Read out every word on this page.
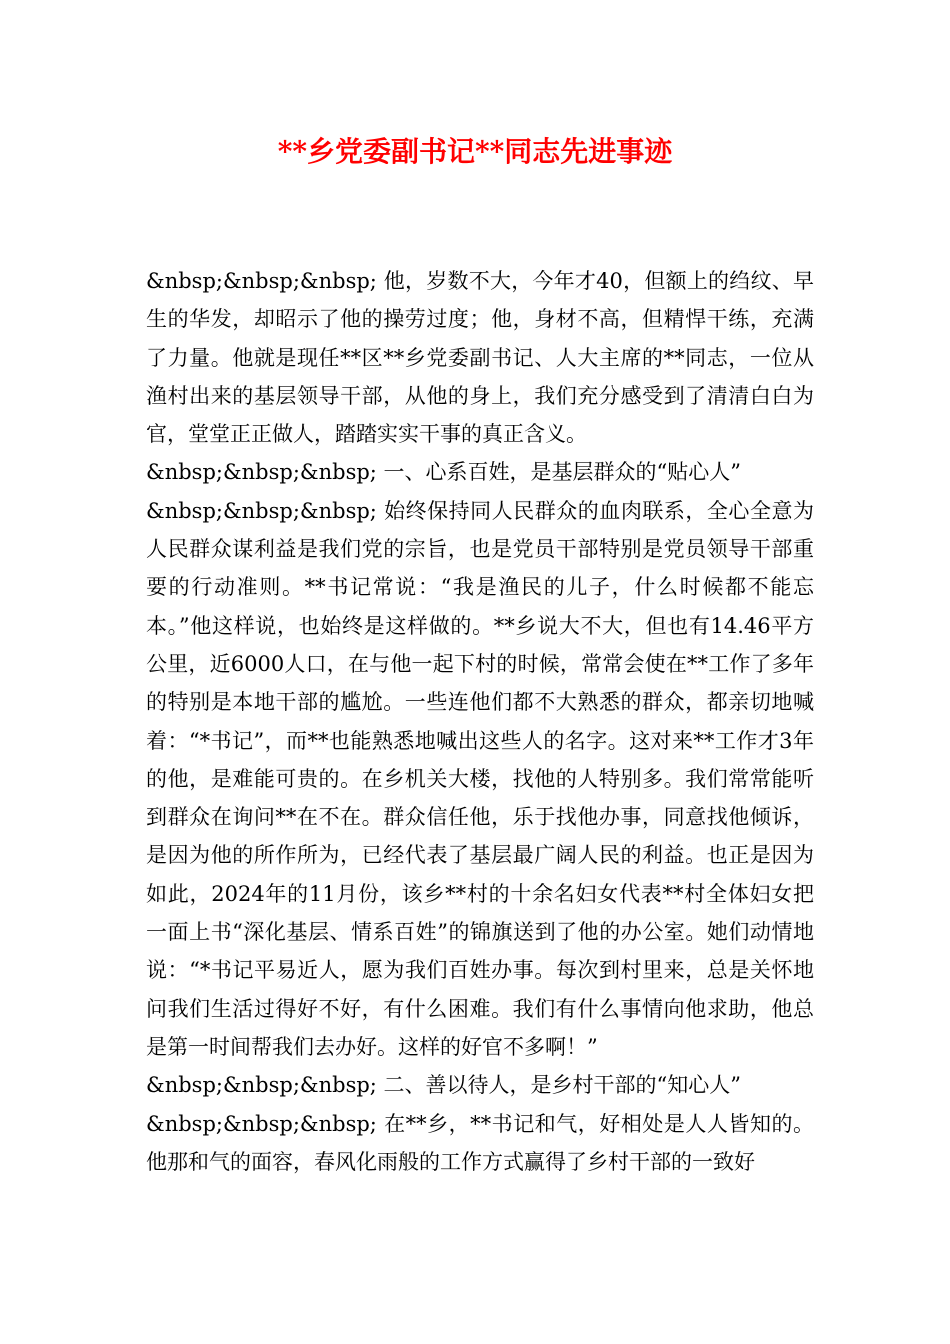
**乡党委副书记**同志先进事迹

&nbsp;&nbsp;&nbsp; 他，岁数不大，今年才40，但额上的绉纹、早生的华发，却昭示了他的操劳过度；他，身材不高，但精悍干练，充满了力量。他就是现任**区**乡党委副书记、人大主席的**同志，一位从渔村出来的基层领导干部，从他的身上，我们充分感受到了清清白白为官，堂堂正正做人，踏踏实实干事的真正含义。

&nbsp;&nbsp;&nbsp; 一、心系百姓，是基层群众的“贴心人”

&nbsp;&nbsp;&nbsp; 始终保持同人民群众的血肉联系，全心全意为人民群众谋利益是我们党的宗旨，也是党员干部特别是党员领导干部重要的行动准则。**书记常说：“我是渔民的儿子，什么时候都不能忘本。”他这样说，也始终是这样做的。**乡说大不大，但也有14.46平方公里，近6000人口，在与他一起下村的时候，常常会使在**工作了多年的特别是本地干部的尴尬。一些连他们都不大熟悉的群众，都亲切地喊着：“*书记”，而**也能熟悉地喊出这些人的名字。这对来**工作才3年的他，是难能可贵的。在乡机关大楼，找他的人特别多。我们常常能听到群众在询问**在不在。群众信任他，乐于找他办事，同意找他倾诉，是因为他的所作所为，已经代表了基层最广阔人民的利益。也正是因为如此，2024年的11月份，该乡**村的十余名妇女代表**村全体妇女把一面上书“深化基层、情系百姓”的锦旗送到了他的办公室。她们动情地说：“*书记平易近人，愿为我们百姓办事。每次到村里来，总是关怀地问我们生活过得好不好，有什么困难。我们有什么事情向他求助，他总是第一时间帮我们去办好。这样的好官不多啊！”

&nbsp;&nbsp;&nbsp; 二、善以待人，是乡村干部的“知心人”

&nbsp;&nbsp;&nbsp; 在**乡，**书记和气，好相处是人人皆知的。他那和气的面容，春风化雨般的工作方式赢得了乡村干部的一致好
